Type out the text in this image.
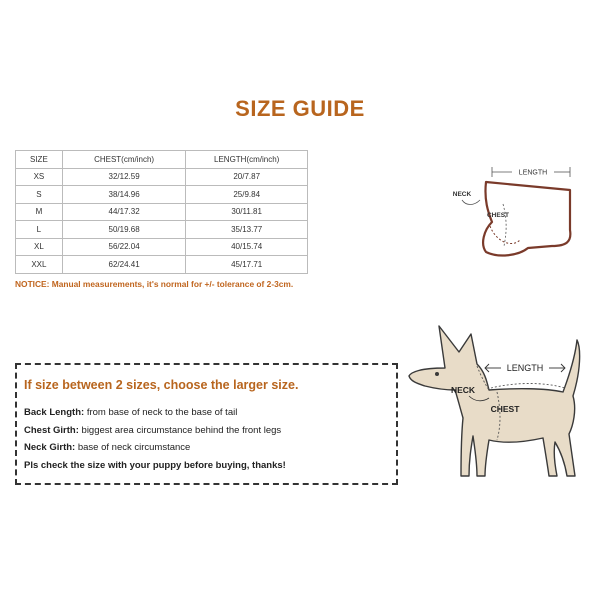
SIZE GUIDE
SIZE	CHEST(cm/inch)	LENGTH(cm/inch)
XS	32/12.59	20/7.87
S	38/14.96	25/9.84
M	44/17.32	30/11.81
L	50/19.68	35/13.77
XL	56/22.04	40/15.74
XXL	62/24.41	45/17.71
NOTICE: Manual measurements, it's normal for +/- tolerance of 2-3cm.
LENGTH
NECK
CHEST
If size between 2 sizes, choose the larger size.
Back Length: from base of neck to the base of tail
Chest Girth: biggest area circumstance behind the front legs
Neck Girth: base of neck circumstance
Pls check the size with your puppy before buying, thanks!
LENGTH
NECK
CHEST
